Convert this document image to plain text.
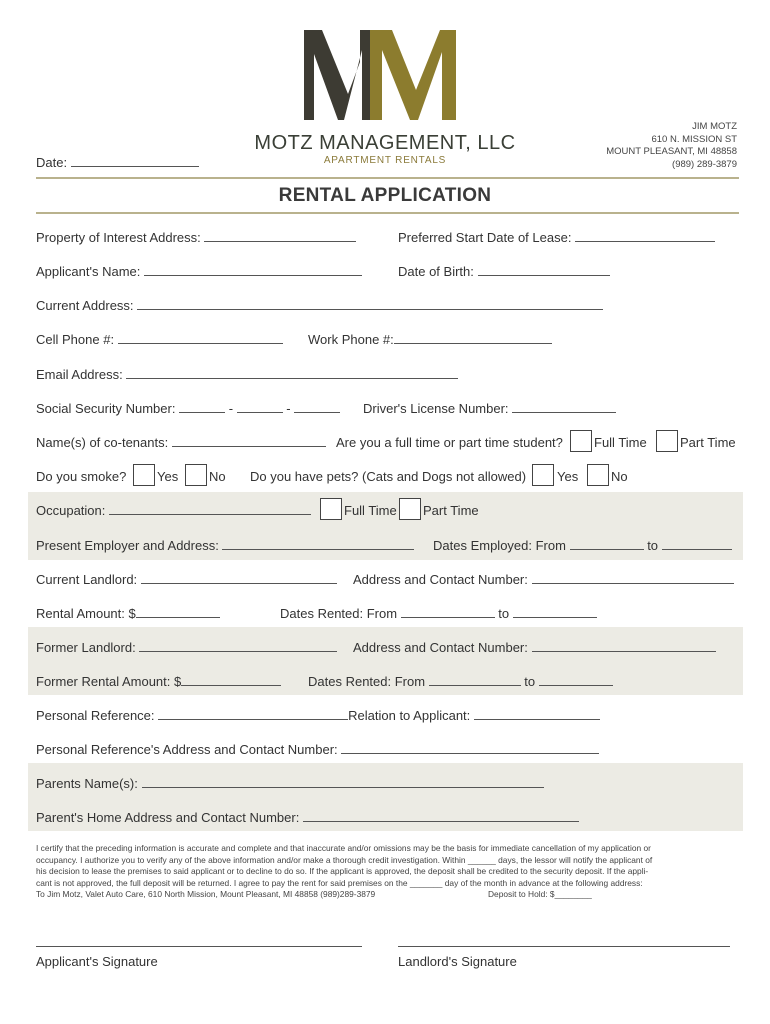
MOTZ MANAGEMENT, LLC
APARTMENT RENTALS
JIM MOTZ
610 N. MISSION ST
MOUNT PLEASANT, MI 48858
(989) 289-3879
Date:
RENTAL APPLICATION
Property of Interest Address:	Preferred Start Date of Lease:
Applicant's Name:	Date of Birth:
Current Address:
Cell Phone #:	Work Phone #:
Email Address:
Social Security Number:	-	-	Driver's License Number:
Name(s) of co-tenants:	Are you a full time or part time student? Full Time	Part Time
Do you smoke? Yes No Do you have pets? (Cats and Dogs not allowed) Yes	No
Occupation:	Full Time Part Time
Present Employer and Address:	Dates Employed: From	to
Current Landlord:	Address and Contact Number:
Rental Amount: $	Dates Rented: From	to
Former Landlord:	Address and Contact Number:
Former Rental Amount: $	Dates Rented: From	to
Personal Reference:	Relation to Applicant:
Personal Reference's Address and Contact Number:
Parents Name(s):
Parent's Home Address and Contact Number:
I certify that the preceding information is accurate and complete and that inaccurate and/or omissions may be the basis for immediate cancellation of my application or
occupancy. I authorize you to verify any of the above information and/or make a thorough credit investigation. Within ______ days, the lessor will notify the applicant of
his decision to lease the premises to said applicant or to decline to do so. If the applicant is approved, the deposit shall be credited to the security deposit. If the appli-
cant is not approved, the full deposit will be returned. I agree to pay the rent for said premises on the _______ day of the month in advance at the following address:
To Jim Motz, Valet Auto Care, 610 North Mission, Mount Pleasant, MI 48858 (989)289-3879	Deposit to Hold: $________
Applicant's Signature	Landlord's Signature
